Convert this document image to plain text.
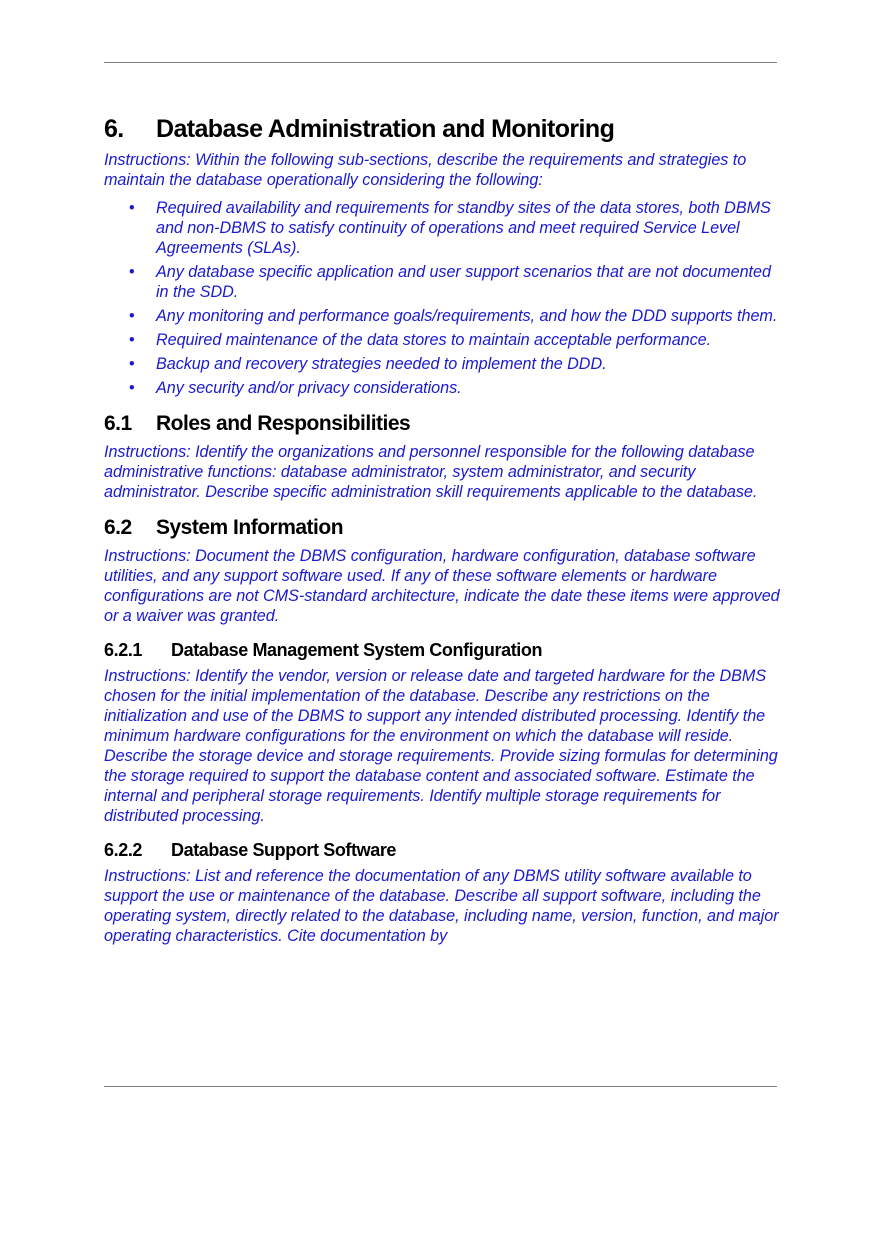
6.	Database Administration and Monitoring

Instructions: Within the following sub-sections, describe the requirements and strategies to maintain the database operationally considering the following:

• Required availability and requirements for standby sites of the data stores, both DBMS and non-DBMS to satisfy continuity of operations and meet required Service Level Agreements (SLAs).
• Any database specific application and user support scenarios that are not documented in the SDD.
• Any monitoring and performance goals/requirements, and how the DDD supports them.
• Required maintenance of the data stores to maintain acceptable performance.
• Backup and recovery strategies needed to implement the DDD.
• Any security and/or privacy considerations.
6.1	Roles and Responsibilities

Instructions: Identify the organizations and personnel responsible for the following database administrative functions: database administrator, system administrator, and security administrator. Describe specific administration skill requirements applicable to the database.

6.2	System Information

Instructions: Document the DBMS configuration, hardware configuration, database software utilities, and any support software used. If any of these software elements or hardware configurations are not CMS-standard architecture, indicate the date these items were approved or a waiver was granted.

6.2.1	Database Management System Configuration

Instructions: Identify the vendor, version or release date and targeted hardware for the DBMS chosen for the initial implementation of the database. Describe any restrictions on the initialization and use of the DBMS to support any intended distributed processing. Identify the minimum hardware configurations for the environment on which the database will reside. Describe the storage device and storage requirements. Provide sizing formulas for determining the storage required to support the database content and associated software. Estimate the internal and peripheral storage requirements. Identify multiple storage requirements for distributed processing.

6.2.2	Database Support Software

Instructions: List and reference the documentation of any DBMS utility software available to support the use or maintenance of the database. Describe all support software, including the operating system, directly related to the database, including name, version, function, and major operating characteristics. Cite documentation by
